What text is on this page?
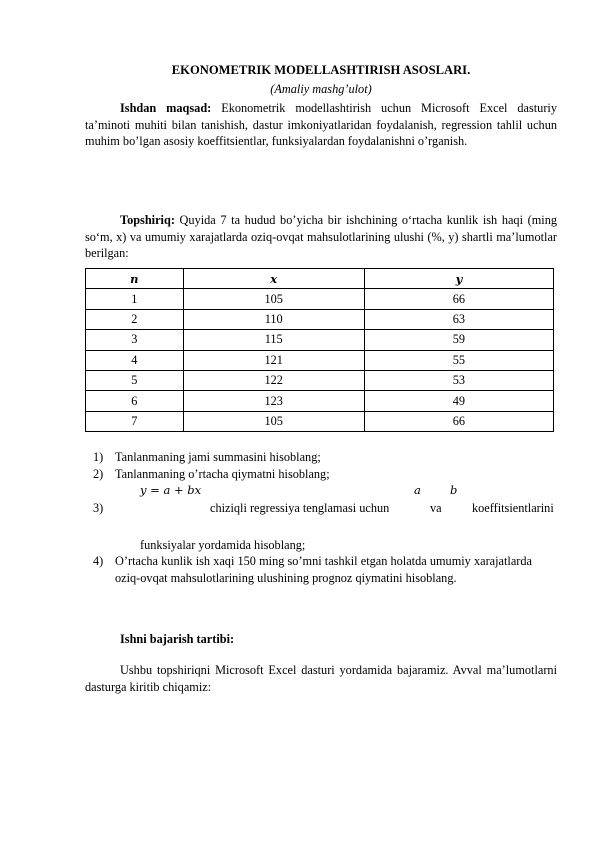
EKONOMETRIK MODELLASHTIRISH ASOSLARI.
(Amaliy mashg’ulot)
Ishdan maqsad: Ekonometrik modellashtirish uchun Microsoft Excel dasturiy ta’minoti muhiti bilan tanishish, dastur imkoniyatlaridan foydalanish, regression tahlil uchun muhim bo’lgan asosiy koeffitsientlar, funksiyalardan foydalanishni o’rganish.
Topshiriq: Quyida 7 ta hudud bo’yicha bir ishchining oʻrtacha kunlik ish haqi (ming soʻm, x) va umumiy xarajatlarda oziq-ovqat mahsulotlarining ulushi (%, y) shartli ma’lumotlar berilgan:
n	x	y
1	105	66
2	110	63
3	115	59
4	121	55
5	122	53
6	123	49
7	105	66
1) Tanlanmaning jami summasini hisoblang;
2) Tanlanmaning o’rtacha qiymatni hisoblang;
y = a + bx	a	b
3)	chiziqli regressiya tenglamasi uchun	va koeffitsientlarini
funksiyalar yordamida hisoblang;
4) O’rtacha kunlik ish xaqi 150 ming so’mni tashkil etgan holatda umumiy xarajatlarda oziq-ovqat mahsulotlarining ulushining prognoz qiymatini hisoblang.
Ishni bajarish tartibi:
Ushbu topshiriqni Microsoft Excel dasturi yordamida bajaramiz. Avval ma’lumotlarni dasturga kiritib chiqamiz:
